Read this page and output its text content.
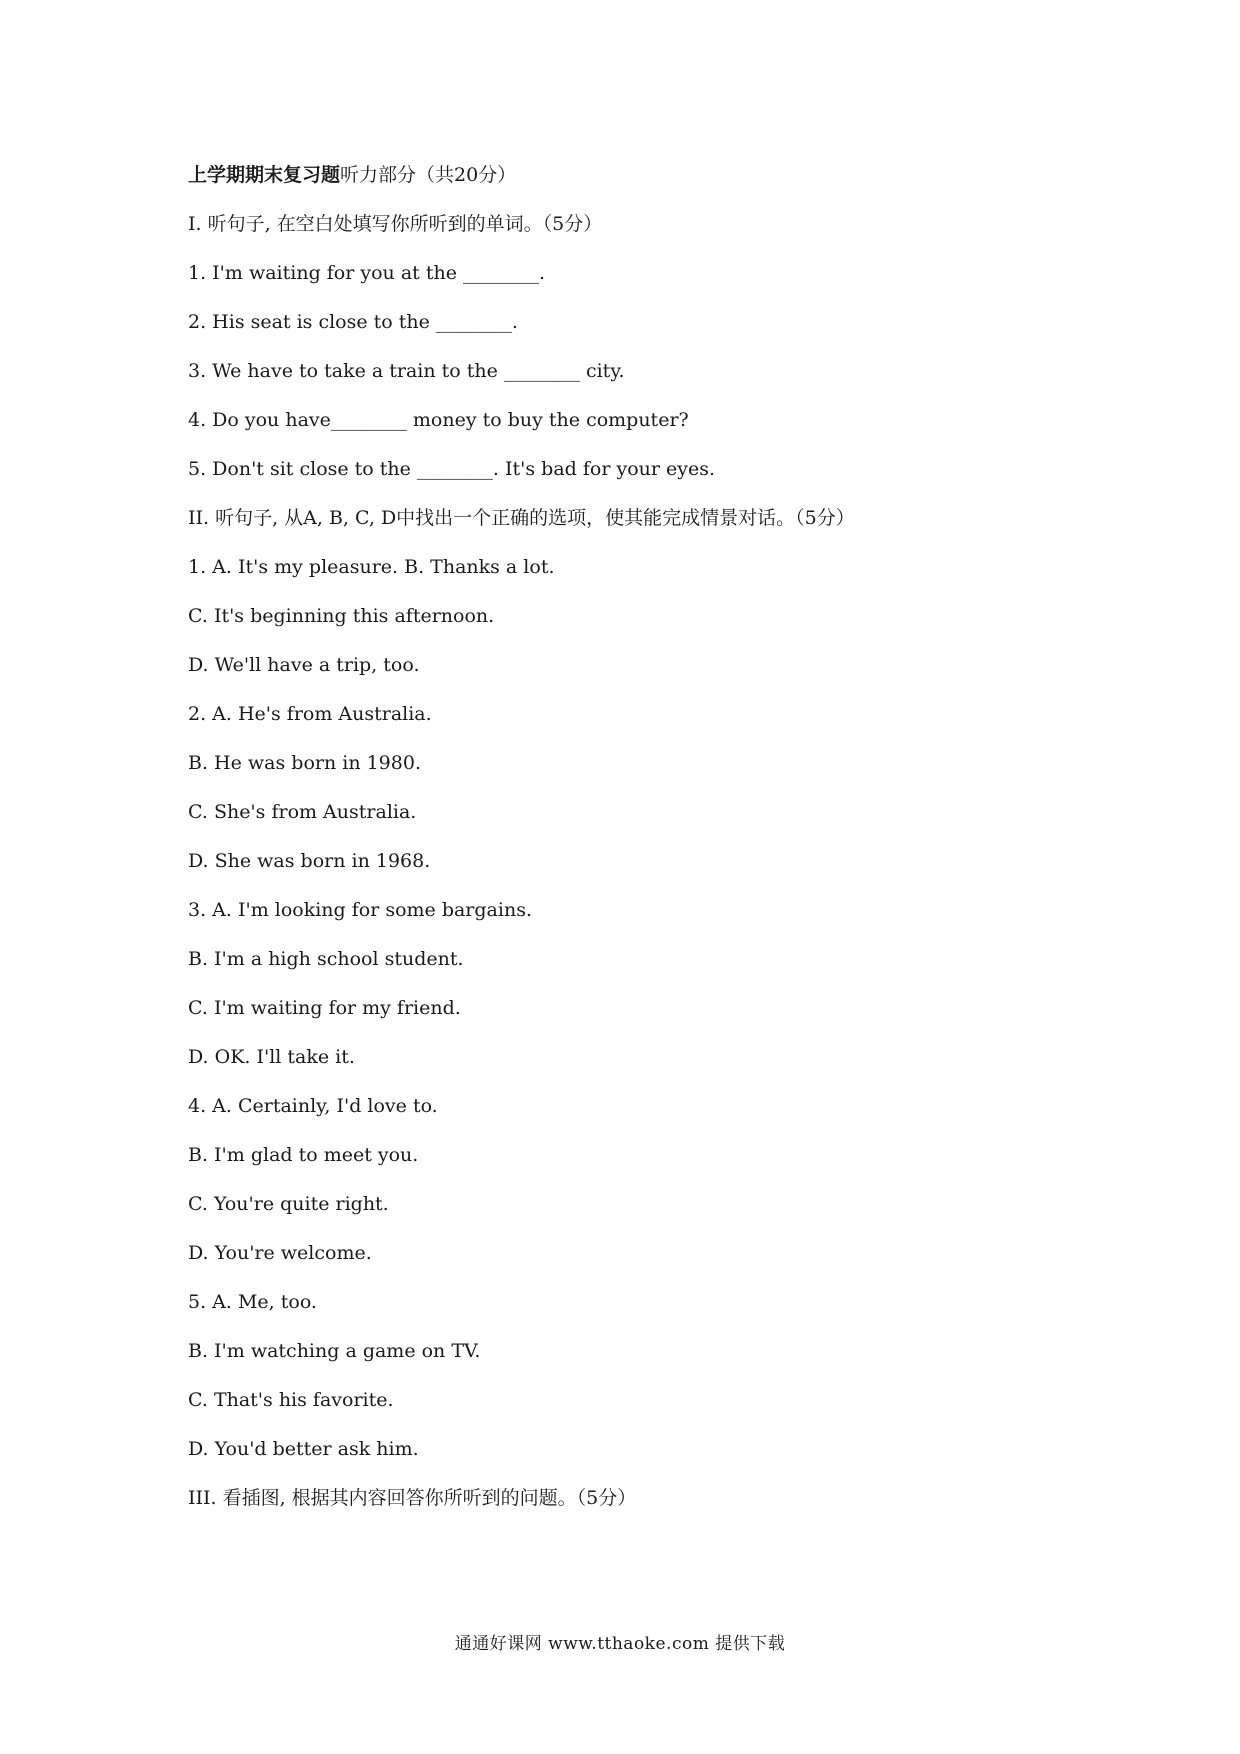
上学期期末复习题听力部分（共20分）
I. 听句子, 在空白处填写你所听到的单词。（5分）
1. I'm waiting for you at the ________.
2. His seat is close to the ________.
3. We have to take a train to the ________ city.
4. Do you have________ money to buy the computer?
5. Don't sit close to the ________. It's bad for your eyes.
II. 听句子, 从A, B, C, D中找出一个正确的选项，使其能完成情景对话。（5分）
1. A. It's my pleasure. B. Thanks a lot.
C. It's beginning this afternoon.
D. We'll have a trip, too.
2. A. He's from Australia.
B. He was born in 1980.
C. She's from Australia.
D. She was born in 1968.
3. A. I'm looking for some bargains.
B. I'm a high school student.
C. I'm waiting for my friend.
D. OK. I'll take it.
4. A. Certainly, I'd love to.
B. I'm glad to meet you.
C. You're quite right.
D. You're welcome.
5. A. Me, too.
B. I'm watching a game on TV.
C. That's his favorite.
D. You'd better ask him.
III. 看插图, 根据其内容回答你所听到的问题。（5分）
通通好课网 www.tthaoke.com 提供下载
